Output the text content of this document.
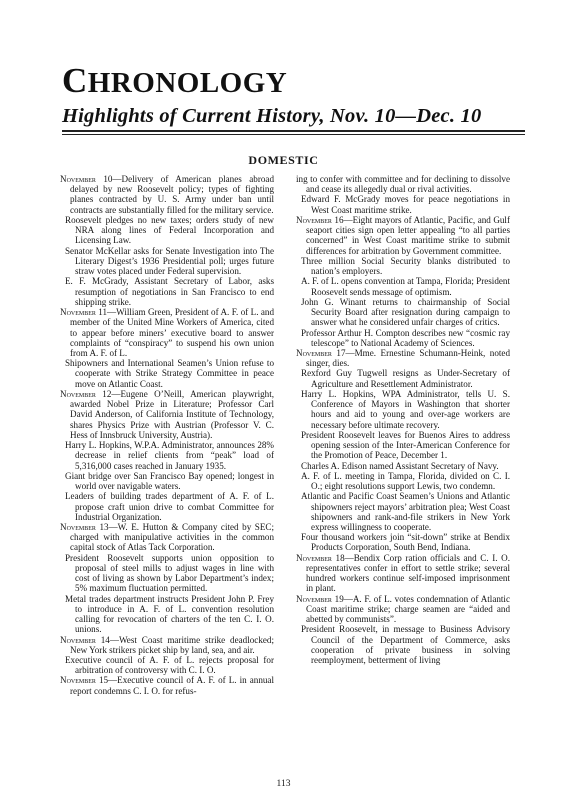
CHRONOLOGY
Highlights of Current History, Nov. 10—Dec. 10
DOMESTIC
November 10—Delivery of American planes abroad delayed by new Roosevelt policy; types of fighting planes contracted by U. S. Army under ban until contracts are substantially filled for the military service.
Roosevelt pledges no new taxes; orders study of new NRA along lines of Federal Incorporation and Licensing Law.
Senator McKellar asks for Senate Investigation into The Literary Digest’s 1936 Presidential poll; urges future straw votes placed under Federal supervision.
E. F. McGrady, Assistant Secretary of Labor, asks resumption of negotiations in San Francisco to end shipping strike.
November 11—William Green, President of A. F. of L. and member of the United Mine Workers of America, cited to appear before miners’ executive board to answer complaints of “conspiracy” to suspend his own union from A. F. of L.
Shipowners and International Seamen’s Union refuse to cooperate with Strike Strategy Committee in peace move on Atlantic Coast.
November 12—Eugene O’Neill, American playwright, awarded Nobel Prize in Literature; Professor Carl David Anderson, of California Institute of Technology, shares Physics Prize with Austrian (Professor V. C. Hess of Innsbruck University, Austria).
Harry L. Hopkins, W.P.A. Administrator, announces 28% decrease in relief clients from “peak” load of 5,316,000 cases reached in January 1935.
Giant bridge over San Francisco Bay opened; longest in world over navigable waters.
Leaders of building trades department of A. F. of L. propose craft union drive to combat Committee for Industrial Organization.
November 13—W. E. Hutton & Company cited by SEC; charged with manipulative activities in the common capital stock of Atlas Tack Corporation.
President Roosevelt supports union opposition to proposal of steel mills to adjust wages in line with cost of living as shown by Labor Department’s index; 5% maximum fluctuation permitted.
Metal trades department instructs President John P. Frey to introduce in A. F. of L. convention resolution calling for revocation of charters of the ten C. I. O. unions.
November 14—West Coast maritime strike deadlocked; New York strikers picket ship by land, sea, and air.
Executive council of A. F. of L. rejects proposal for arbitration of controversy with C. I. O.
November 15—Executive council of A. F. of L. in annual report condemns C. I. O. for refus-
ing to confer with committee and for declining to dissolve and cease its allegedly dual or rival activities.
Edward F. McGrady moves for peace negotiations in West Coast maritime strike.
November 16—Eight mayors of Atlantic, Pacific, and Gulf seaport cities sign open letter appealing “to all parties concerned” in West Coast maritime strike to submit differences for arbitration by Government committee.
Three million Social Security blanks distributed to nation’s employers.
A. F. of L. opens convention at Tampa, Florida; President Roosevelt sends message of optimism.
John G. Winant returns to chairmanship of Social Security Board after resignation during campaign to answer what he considered unfair charges of critics.
Professor Arthur H. Compton describes new “cosmic ray telescope” to National Academy of Sciences.
November 17—Mme. Ernestine Schumann-Heink, noted singer, dies.
Rexford Guy Tugwell resigns as Under-Secretary of Agriculture and Resettlement Administrator.
Harry L. Hopkins, WPA Administrator, tells U. S. Conference of Mayors in Washington that shorter hours and aid to young and over-age workers are necessary before ultimate recovery.
President Roosevelt leaves for Buenos Aires to address opening session of the Inter-American Conference for the Promotion of Peace, December 1.
Charles A. Edison named Assistant Secretary of Navy.
A. F. of L. meeting in Tampa, Florida, divided on C. I. O.; eight resolutions support Lewis, two condemn.
Atlantic and Pacific Coast Seamen’s Unions and Atlantic shipowners reject mayors’ arbitration plea; West Coast shipowners and rank-and-file strikers in New York express willingness to cooperate.
Four thousand workers join “sit-down” strike at Bendix Products Corporation, South Bend, Indiana.
November 18—Bendix Corp ration officials and C. I. O. representatives confer in effort to settle strike; several hundred workers continue self-imposed imprisonment in plant.
November 19—A. F. of L. votes condemnation of Atlantic Coast maritime strike; charge seamen are “aided and abetted by communists”.
President Roosevelt, in message to Business Advisory Council of the Department of Commerce, asks cooperation of private business in solving reemployment, betterment of living
113
